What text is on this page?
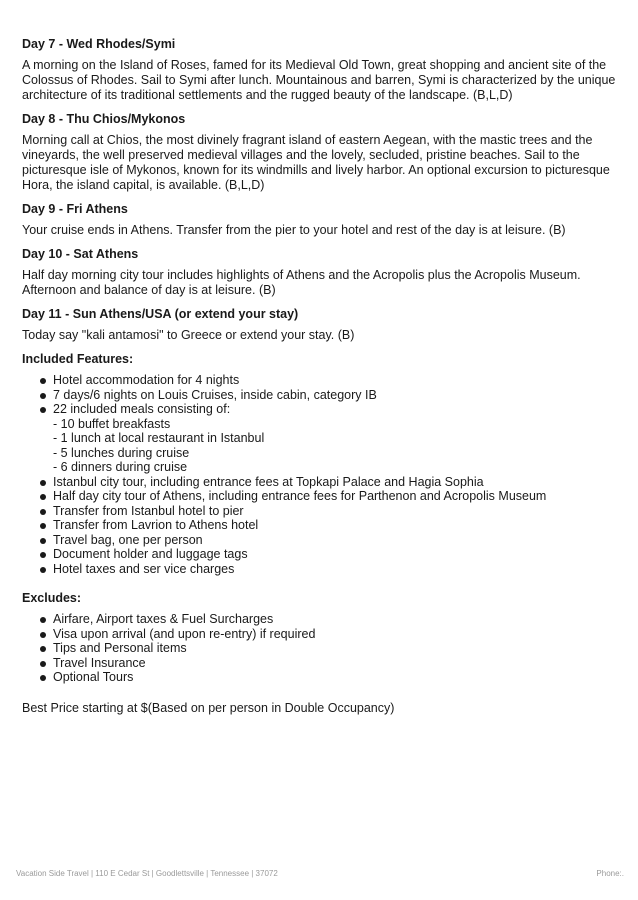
Day 7 - Wed Rhodes/Symi
A morning on the Island of Roses, famed for its Medieval Old Town, great shopping and ancient site of the Colossus of Rhodes. Sail to Symi after lunch. Mountainous and barren, Symi is characterized by the unique architecture of its traditional settlements and the rugged beauty of the landscape. (B,L,D)
Day 8 - Thu Chios/Mykonos
Morning call at Chios, the most divinely fragrant island of eastern Aegean, with the mastic trees and the vineyards, the well preserved medieval villages and the lovely, secluded, pristine beaches. Sail to the picturesque isle of Mykonos, known for its windmills and lively harbor. An optional excursion to picturesque Hora, the island capital, is available. (B,L,D)
Day 9 - Fri Athens
Your cruise ends in Athens. Transfer from the pier to your hotel and rest of the day is at leisure. (B)
Day 10 - Sat Athens
Half day morning city tour includes highlights of Athens and the Acropolis plus the Acropolis Museum. Afternoon and balance of day is at leisure. (B)
Day 11 - Sun Athens/USA (or extend your stay)
Today say "kali antamosi" to Greece or extend your stay. (B)
Included Features:
Hotel accommodation for 4 nights
7 days/6 nights on Louis Cruises, inside cabin, category IB
22 included meals consisting of:
- 10 buffet breakfasts
- 1 lunch at local restaurant in Istanbul
- 5 lunches during cruise
- 6 dinners during cruise
Istanbul city tour, including entrance fees at Topkapi Palace and Hagia Sophia
Half day city tour of Athens, including entrance fees for Parthenon and Acropolis Museum
Transfer from Istanbul hotel to pier
Transfer from Lavrion to Athens hotel
Travel bag, one per person
Document holder and luggage tags
Hotel taxes and ser vice charges
Excludes:
Airfare, Airport taxes & Fuel Surcharges
Visa upon arrival (and upon re-entry) if required
Tips and Personal items
Travel Insurance
Optional Tours
Best Price starting at $(Based on per person in Double Occupancy)
Vacation Side Travel | 110 E Cedar St | Goodlettsville | Tennessee | 37072	Phone:.
